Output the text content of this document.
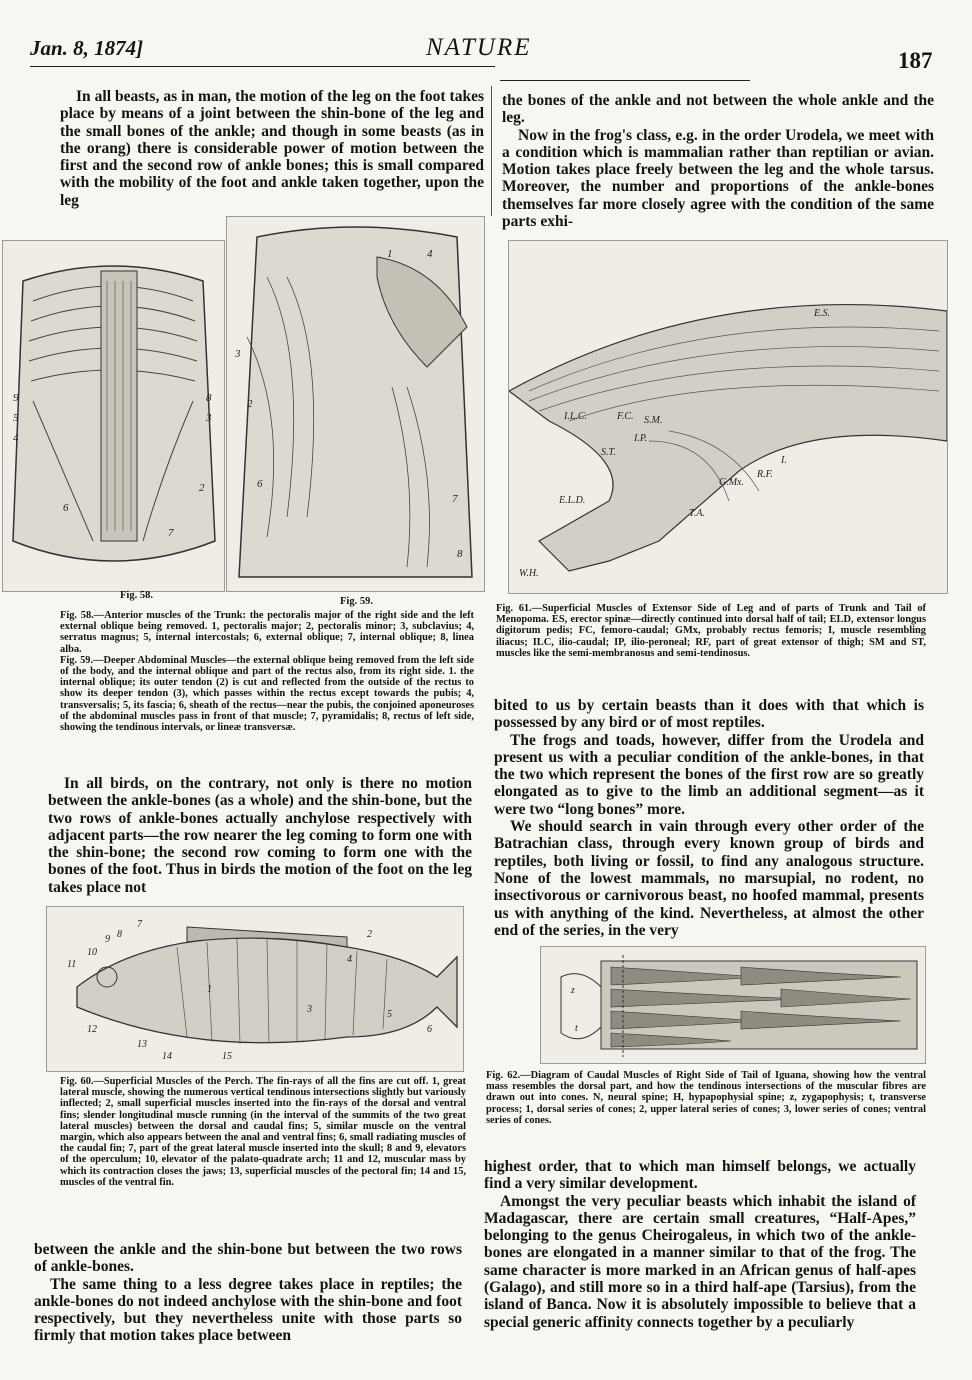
Jan. 8, 1874]	NATURE	187

In all beasts, as in man, the motion of the leg on the foot takes place by means of a joint between the shin-bone of the leg and the small bones of the ankle; and though in some beasts (as in the orang) there is considerable power of motion between the first and the second row of ankle bones; this is small compared with the mobility of the foot and ankle taken together, upon the leg

the bones of the ankle and not between the whole ankle and the leg.

Now in the frog's class, e.g. in the order Urodela, we meet with a condition which is mammalian rather than reptilian or avian. Motion takes place freely between the leg and the whole tarsus. Moreover, the number and proportions of the ankle-bones themselves far more closely agree with the condition of the same parts exhi-

9
5
4
6
8
3
2
7
1	4
3
2
6
7
8
Fig. 58.
Fig. 59.

Fig. 58.—Anterior muscles of the Trunk: the pectoralis major of the right side and the left external oblique being removed. 1, pectoralis major; 2, pectoralis minor; 3, subclavius; 4, serratus magnus; 5, internal intercostals; 6, external oblique; 7, internal oblique; 8, linea alba.

Fig. 59.—Deeper Abdominal Muscles—the external oblique being removed from the left side of the body, and the internal oblique and part of the rectus also, from its right side. 1. the internal oblique; its outer tendon (2) is cut and reflected from the outside of the rectus to show its deeper tendon (3), which passes within the rectus except towards the pubis; 4, transversalis; 5, its fascia; 6, sheath of the rectus—near the pubis, the conjoined aponeuroses of the abdominal muscles pass in front of that muscle; 7, pyramidalis; 8, rectus of left side, showing the tendinous intervals, or lineæ transversæ.

E.S.
I.L.C.	F.C. S.M.
I.P.
S.T.
I.
R.F.
G.Mx.
E.L.D.
T.A.
W.H.

Fig. 61.—Superficial Muscles of Extensor Side of Leg and of parts of Trunk and Tail of Menopoma. ES, erector spinæ—directly continued into dorsal half of tail; ELD, extensor longus digitorum pedis; FC, femoro-caudal; GMx, probably rectus femoris; I, muscle resembling iliacus; ILC, ilio-caudal; IP, ilio-peroneal; RF, part of great extensor of thigh; SM and ST, muscles like the semi-membranosus and semi-tendinosus.

In all birds, on the contrary, not only is there no motion between the ankle-bones (as a whole) and the shin-bone, but the two rows of ankle-bones actually anchylose respectively with adjacent parts—the row nearer the leg coming to form one with the shin-bone; the second row coming to form one with the bones of the foot. Thus in birds the motion of the foot on the leg takes place not

bited to us by certain beasts than it does with that which is possessed by any bird or of most reptiles.

The frogs and toads, however, differ from the Urodela and present us with a peculiar condition of the ankle-bones, in that the two which represent the bones of the first row are so greatly elongated as to give to the limb an additional segment—as it were two “long bones” more.

We should search in vain through every other order of the Batrachian class, through every known group of birds and reptiles, both living or fossil, to find any analogous structure. None of the lowest mammals, no marsupial, no rodent, no insectivorous or carnivorous beast, no hoofed mammal, presents us with anything of the kind. Nevertheless, at almost the other end of the series, in the very

9 8
7
10
11	4
1
3
2
5
6
12
13
14	15

Fig. 60.—Superficial Muscles of the Perch. The fin-rays of all the fins are cut off. 1, great lateral muscle, showing the numerous vertical tendinous intersections slightly but variously inflected; 2, small superficial muscles inserted into the fin-rays of the dorsal and ventral fins; slender longitudinal muscle running (in the interval of the summits of the two great lateral muscles) between the dorsal and caudal fins; 5, similar muscle on the ventral margin, which also appears between the anal and ventral fins; 6, small radiating muscles of the caudal fin; 7, part of the great lateral muscle inserted into the skull; 8 and 9, elevators of the operculum; 10, elevator of the palato-quadrate arch; 11 and 12, muscular mass by which its contraction closes the jaws; 13, superficial muscles of the pectoral fin; 14 and 15, muscles of the ventral fin.

z
t

Fig. 62.—Diagram of Caudal Muscles of Right Side of Tail of Iguana, showing how the ventral mass resembles the dorsal part, and how the tendinous intersections of the muscular fibres are drawn out into cones. N, neural spine; H, hypapophysial spine; z, zygapophysis; t, transverse process; 1, dorsal series of cones; 2, upper lateral series of cones; 3, lower series of cones; ventral series of cones.

between the ankle and the shin-bone but between the two rows of ankle-bones.

The same thing to a less degree takes place in reptiles; the ankle-bones do not indeed anchylose with the shin-bone and foot respectively, but they nevertheless unite with those parts so firmly that motion takes place between

highest order, that to which man himself belongs, we actually find a very similar development.

Amongst the very peculiar beasts which inhabit the island of Madagascar, there are certain small creatures, “Half-Apes,” belonging to the genus Cheirogaleus, in which two of the ankle-bones are elongated in a manner similar to that of the frog. The same character is more marked in an African genus of half-apes (Galago), and still more so in a third half-ape (Tarsius), from the island of Banca. Now it is absolutely impossible to believe that a special generic affinity connects together by a peculiarly
